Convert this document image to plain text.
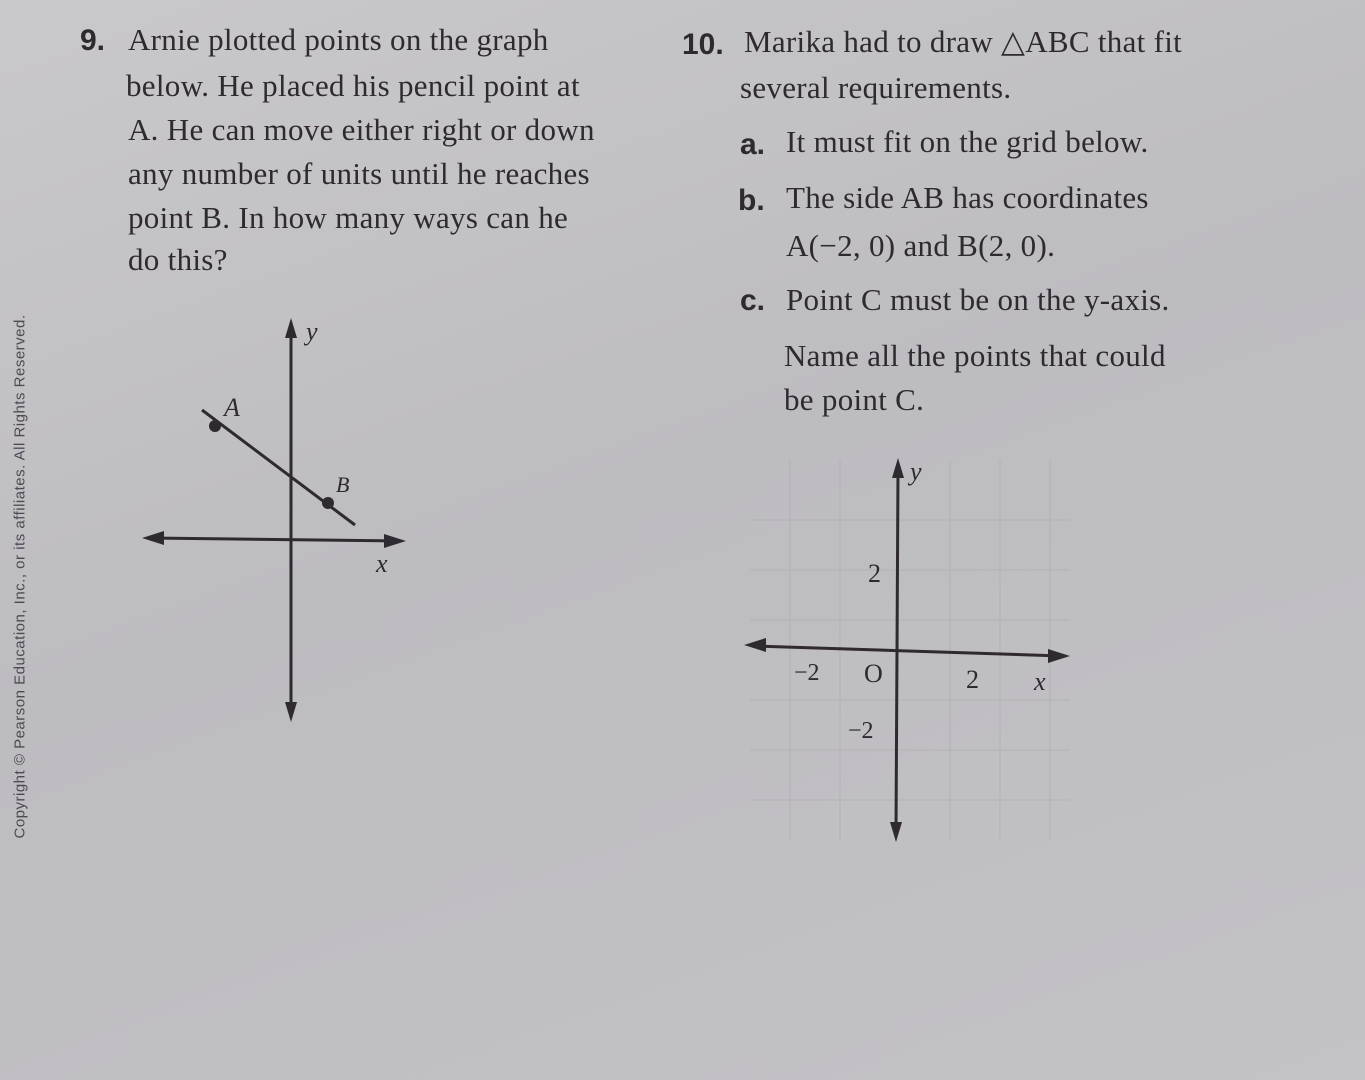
Copyright © Pearson Education, Inc., or its affiliates. All Rights Reserved.
9. Arnie plotted points on the graph
below. He placed his pencil point at
A. He can move either right or down
any number of units until he reaches
point B. In how many ways can he
do this?
y
x
A
B
10. Marika had to draw △ABC that fit
several requirements.
a. It must fit on the grid below.
b. The side AB has coordinates
A(−2, 0) and B(2, 0).
c. Point C must be on the y-axis.
Name all the points that could
be point C.
y
x
2
−2
−2	2
O
